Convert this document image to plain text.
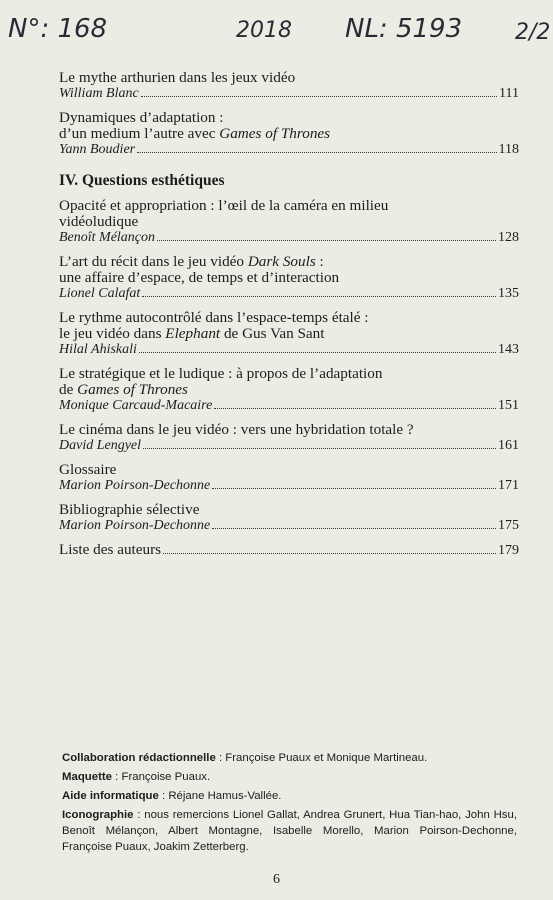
N°: 168	2018 NL: 5193 2/2
Le mythe arthurien dans les jeux vidéo
William Blanc	111
Dynamiques d’adaptation :
d’un medium l’autre avec Games of Thrones
Yann Boudier	118
IV. Questions esthétiques
Opacité et appropriation : l’œil de la caméra en milieu
vidéoludique
Benoît Mélançon	128
L’art du récit dans le jeu vidéo Dark Souls :
une affaire d’espace, de temps et d’interaction
Lionel Calafat	135
Le rythme autocontrôlé dans l’espace-temps étalé :
le jeu vidéo dans Elephant de Gus Van Sant
Hilal Ahiskali	143
Le stratégique et le ludique : à propos de l’adaptation
de Games of Thrones
Monique Carcaud-Macaire	151
Le cinéma dans le jeu vidéo : vers une hybridation totale ?
David Lengyel	161
Glossaire
Marion Poirson-Dechonne	171
Bibliographie sélective
Marion Poirson-Dechonne	175
Liste des auteurs	179

Collaboration rédactionnelle : Françoise Puaux et Monique Martineau.

Maquette : Françoise Puaux.

Aide informatique : Réjane Hamus-Vallée.

Iconographie : nous remercions Lionel Gallat, Andrea Grunert, Hua Tian-hao, John Hsu, Benoît Mélançon, Albert Montagne, Isabelle Morello, Marion Poirson-Dechonne, Françoise Puaux, Joakim Zetterberg.

6
